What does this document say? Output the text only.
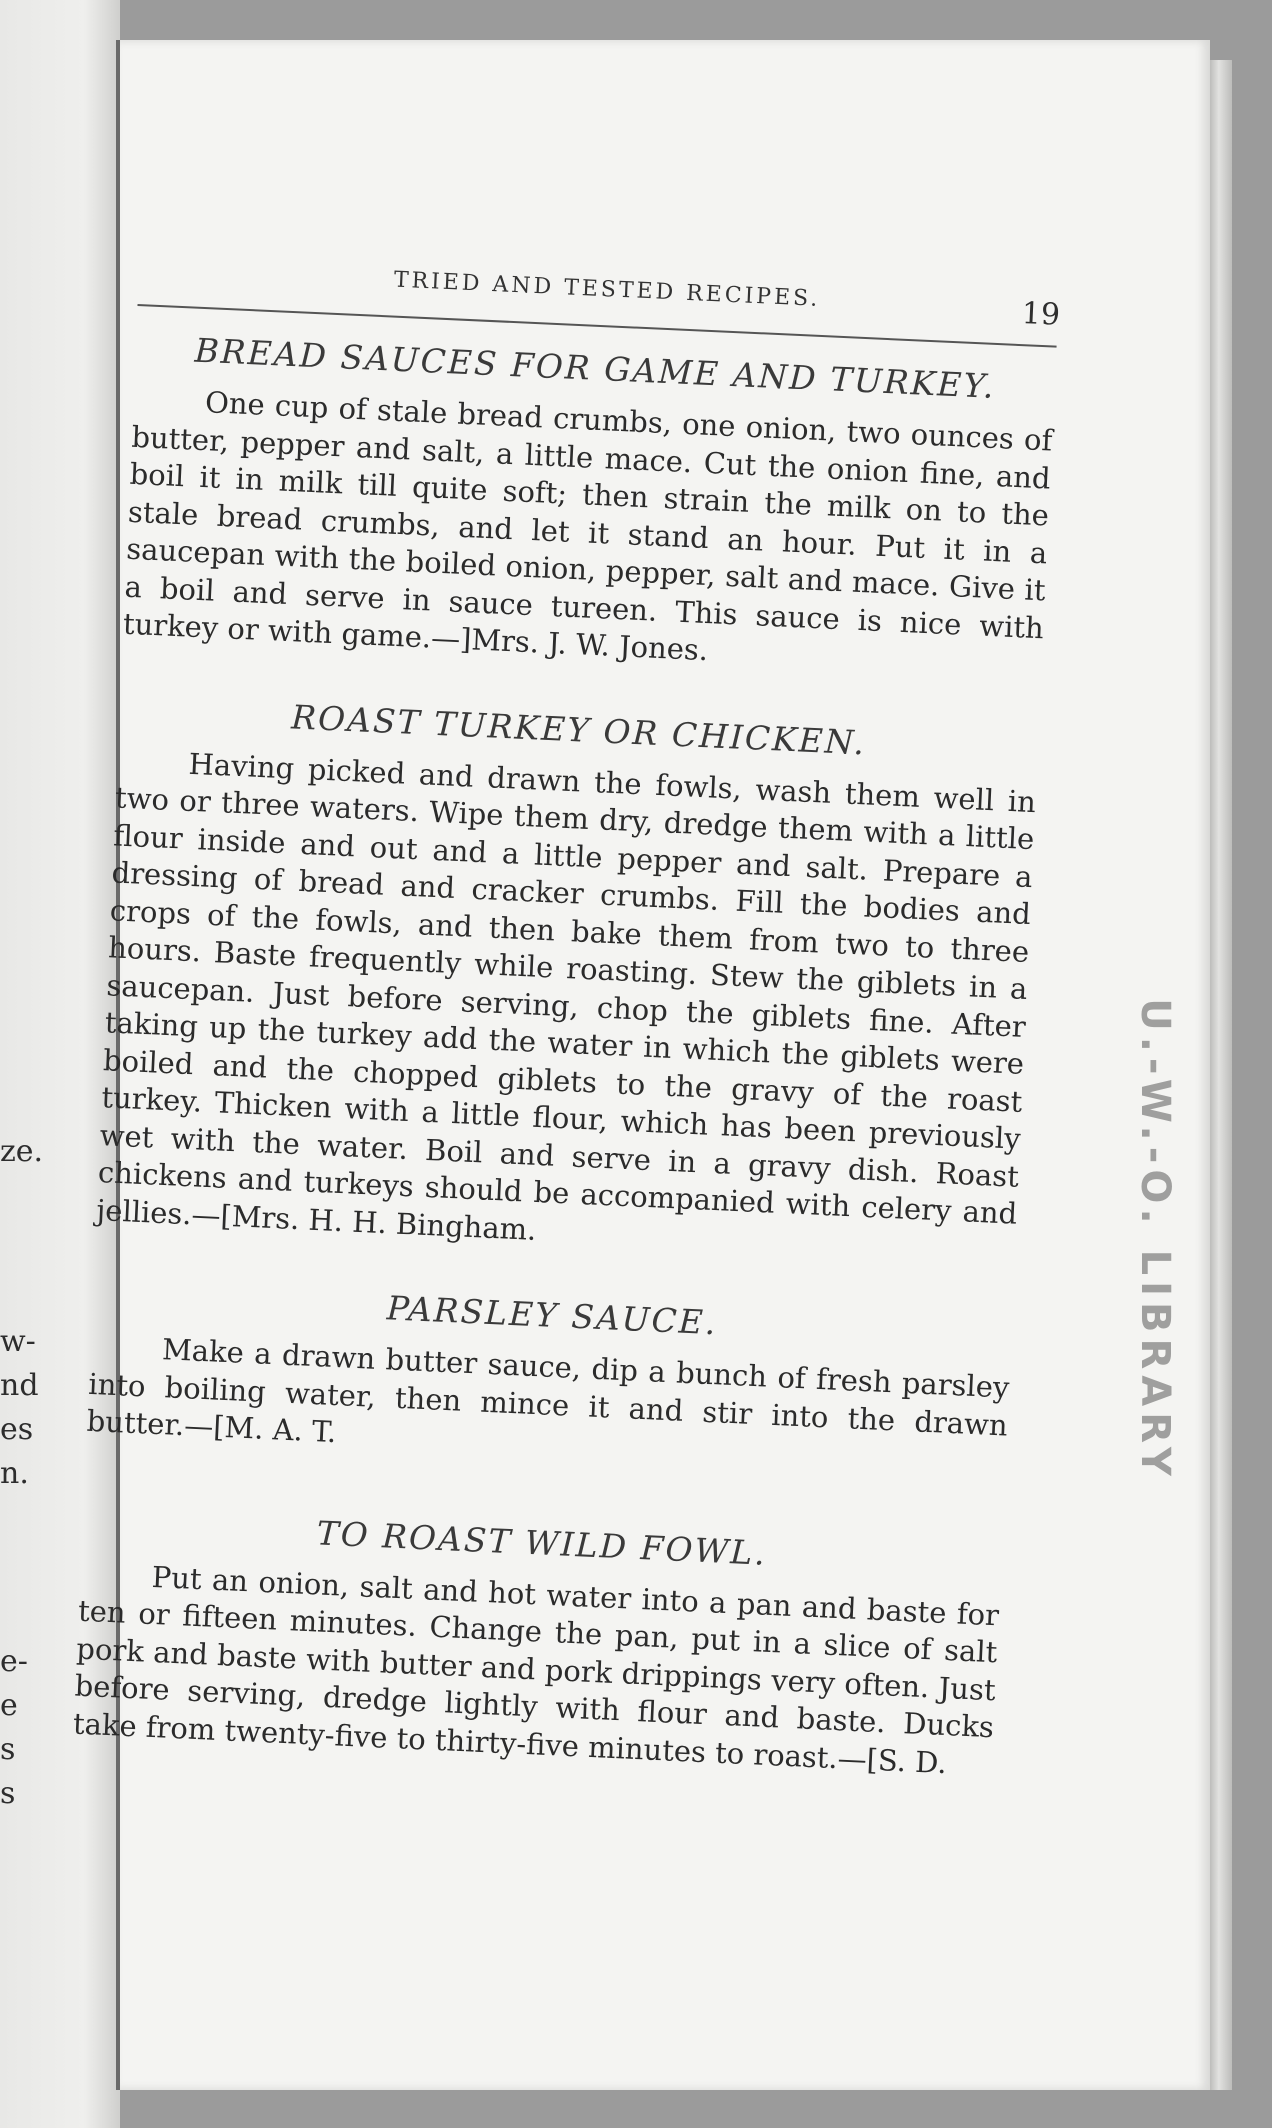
ze.
w-
nd
es
n.
e-
e
s
s
U.-W.-O. LIBRARY
TRIED AND TESTED RECIPES.
19
BREAD SAUCES FOR GAME AND TURKEY.

One cup of stale bread crumbs, one onion, two ounces of butter, pepper and salt, a little mace. Cut the onion fine, and boil it in milk till quite soft; then strain the milk on to the stale bread crumbs, and let it stand an hour. Put it in a saucepan with the boiled onion, pepper, salt and mace. Give it a boil and serve in sauce tureen. This sauce is nice with turkey or with game.—]Mrs. J. W. Jones.

ROAST TURKEY OR CHICKEN.

Having picked and drawn the fowls, wash them well in two or three waters. Wipe them dry, dredge them with a little flour inside and out and a little pepper and salt. Prepare a dressing of bread and cracker crumbs. Fill the bodies and crops of the fowls, and then bake them from two to three hours. Baste frequently while roasting. Stew the giblets in a saucepan. Just before serving, chop the giblets fine. After taking up the turkey add the water in which the giblets were boiled and the chopped giblets to the gravy of the roast turkey. Thicken with a little flour, which has been previously wet with the water. Boil and serve in a gravy dish. Roast chickens and turkeys should be accompanied with celery and jellies.—[Mrs. H. H. Bingham.

PARSLEY SAUCE.

Make a drawn butter sauce, dip a bunch of fresh parsley into boiling water, then mince it and stir into the drawn butter.—[M. A. T.

TO ROAST WILD FOWL.

Put an onion, salt and hot water into a pan and baste for ten or fifteen minutes. Change the pan, put in a slice of salt pork and baste with butter and pork drippings very often. Just before serving, dredge lightly with flour and baste. Ducks take from twenty-five to thirty-five minutes to roast.—[S. D.
